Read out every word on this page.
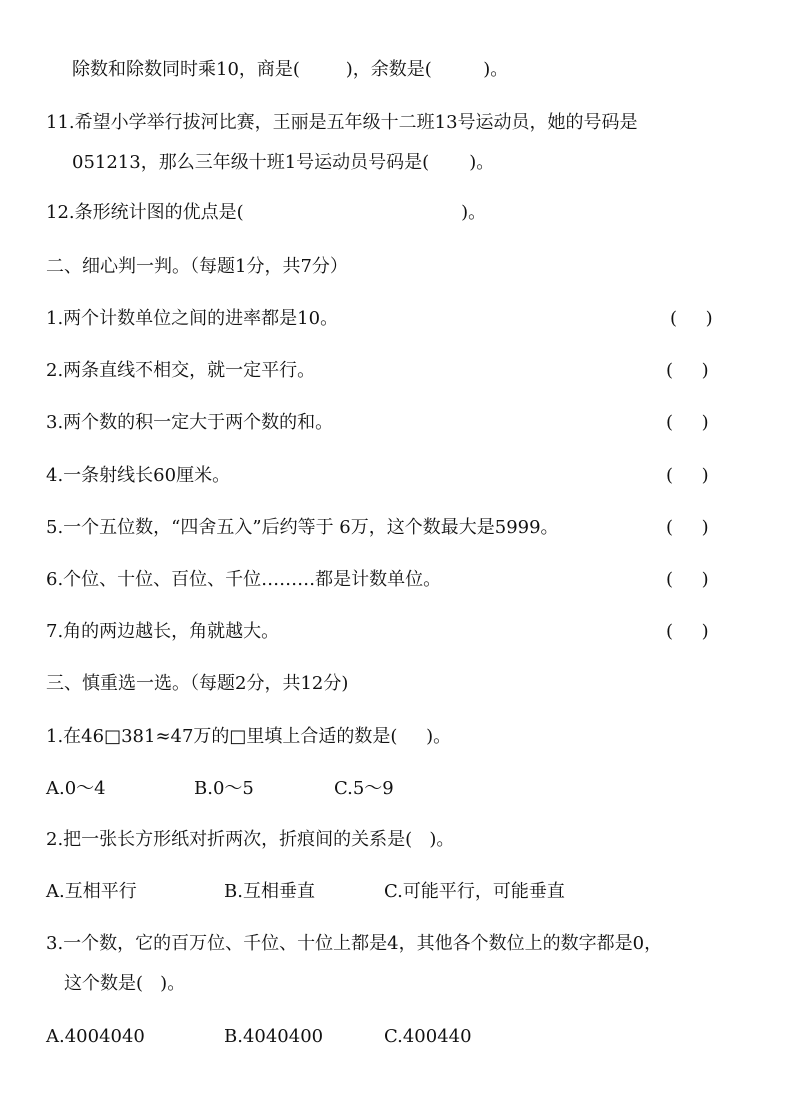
除数和除数同时乘10，商是(        )，余数是(         )。
11.希望小学举行拔河比赛，王丽是五年级十二班13号运动员，她的号码是
051213，那么三年级十班1号运动员号码是(       )。
12.条形统计图的优点是(                                      )。
二、细心判一判。（每题1分，共7分）
1.两个计数单位之间的进率都是10。	(     )
2.两条直线不相交，就一定平行。	(     )
3.两个数的积一定大于两个数的和。	(     )
4.一条射线长60厘米。	(     )
5.一个五位数，“四舍五入”后约等于 6万，这个数最大是5999。	(     )
6.个位、十位、百位、千位………都是计数单位。	(     )
7.角的两边越长，角就越大。	(     )
三、慎重选一选。（每题2分，共12分)
1.在46□381≈47万的□里填上合适的数是(     )。
A.0～4	B.0～5	C.5～9
2.把一张长方形纸对折两次，折痕间的关系是(   )。
A.互相平行	B.互相垂直	C.可能平行，可能垂直
3.一个数，它的百万位、千位、十位上都是4，其他各个数位上的数字都是0，
这个数是(   )。
A.4004040	B.4040400	C.400440
